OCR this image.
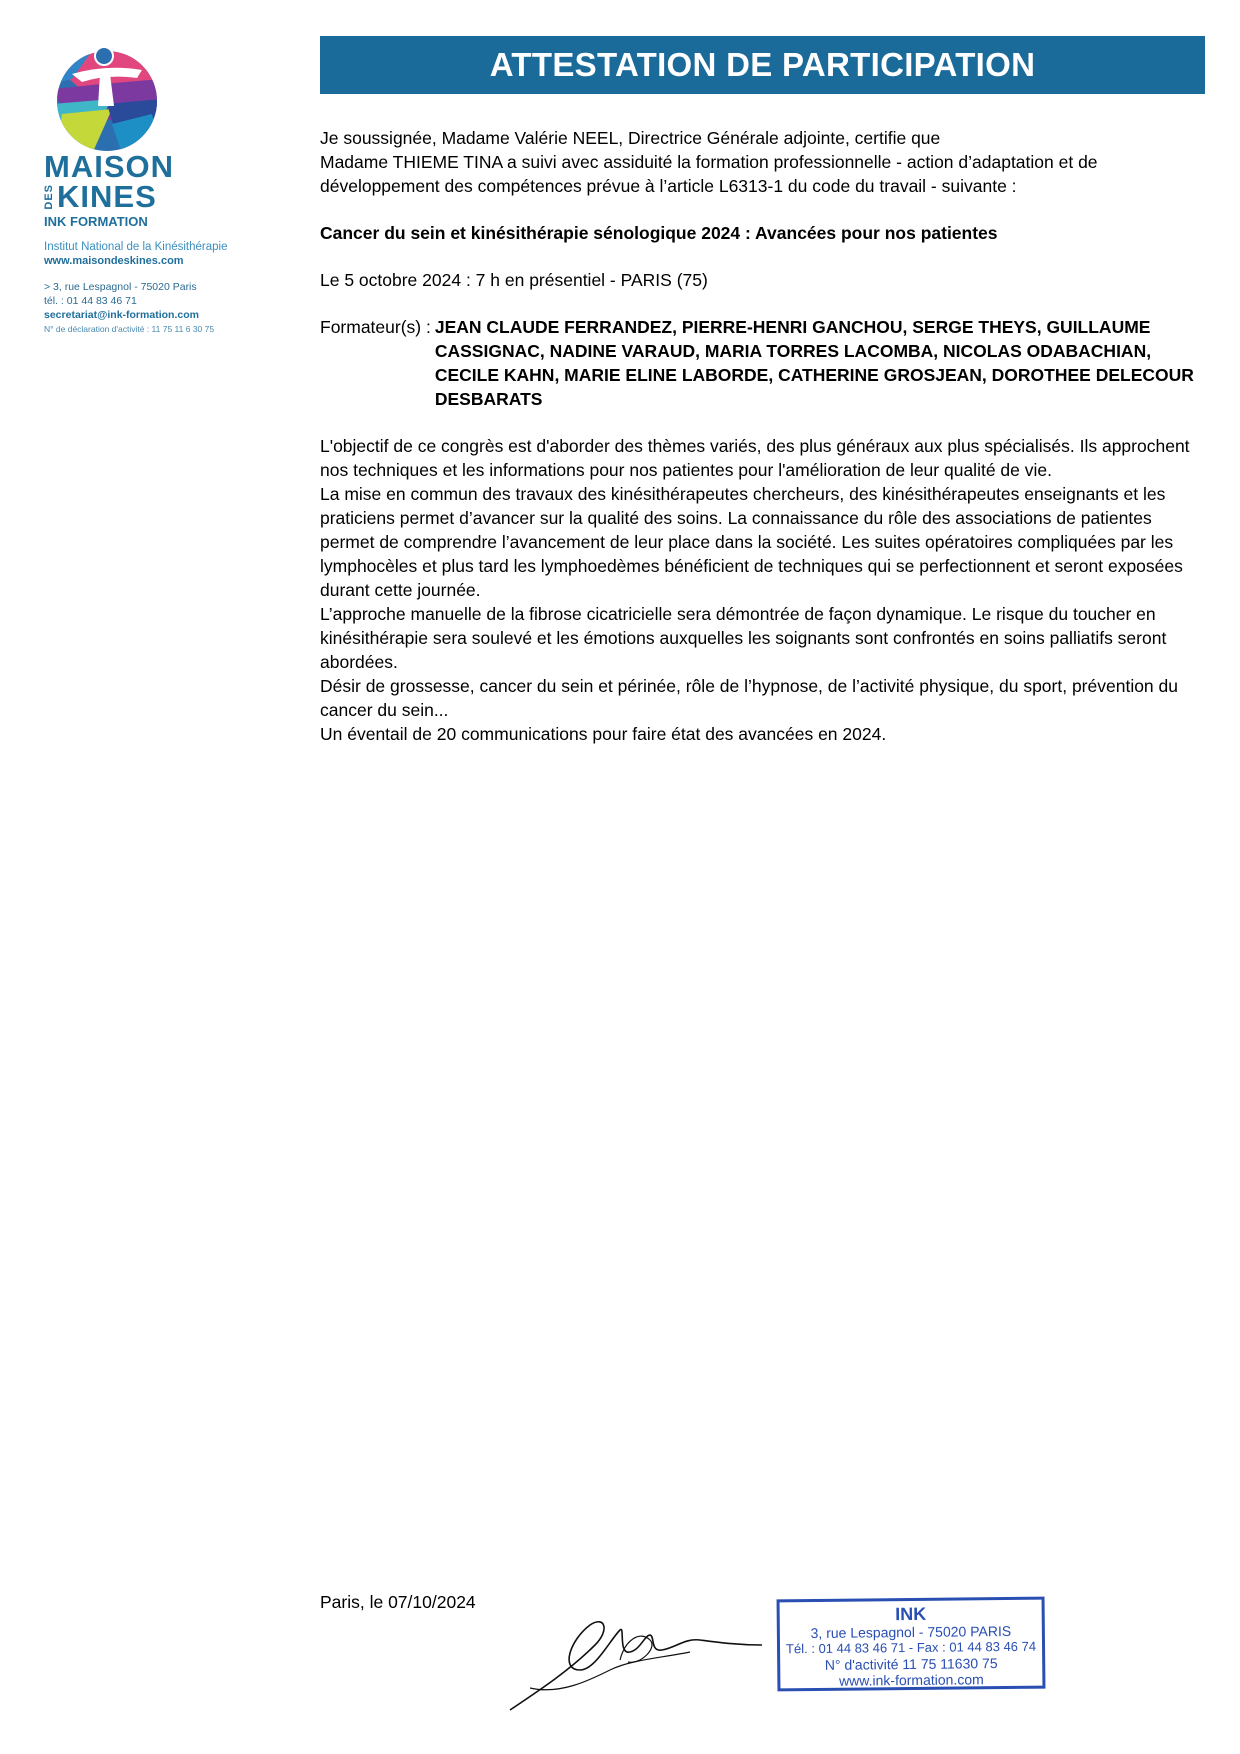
MAISON
DES KINES
INK FORMATION
Institut National de la Kinésithérapie
www.maisondeskines.com
> 3, rue Lespagnol - 75020 Paris
tél. : 01 44 83 46 71
secretariat@ink-formation.com
N° de déclaration d'activité : 11 75 11 6 30 75
ATTESTATION DE PARTICIPATION

Je soussignée, Madame Valérie NEEL, Directrice Générale adjointe, certifie que

Madame THIEME TINA a suivi avec assiduité la formation professionnelle - action d’adaptation et de développement des compétences prévue à l’article L6313-1 du code du travail - suivante :

Cancer du sein et kinésithérapie sénologique 2024 : Avancées pour nos patientes

Le 5 octobre 2024 : 7 h en présentiel - PARIS (75)

Formateur(s) : JEAN CLAUDE FERRANDEZ, PIERRE-HENRI GANCHOU, SERGE THEYS, GUILLAUME CASSIGNAC, NADINE VARAUD, MARIA TORRES LACOMBA, NICOLAS ODABACHIAN, CECILE KAHN, MARIE ELINE LABORDE, CATHERINE GROSJEAN, DOROTHEE DELECOUR DESBARATS

L'objectif de ce congrès est d'aborder des thèmes variés, des plus généraux aux plus spécialisés. Ils approchent nos techniques et les informations pour nos patientes pour l'amélioration de leur qualité de vie.

La mise en commun des travaux des kinésithérapeutes chercheurs, des kinésithérapeutes enseignants et les praticiens permet d’avancer sur la qualité des soins. La connaissance du rôle des associations de patientes permet de comprendre l’avancement de leur place dans la société. Les suites opératoires compliquées par les lymphocèles et plus tard les lymphoedèmes bénéficient de techniques qui se perfectionnent et seront exposées durant cette journée.

L’approche manuelle de la fibrose cicatricielle sera démontrée de façon dynamique. Le risque du toucher en kinésithérapie sera soulevé et les émotions auxquelles les soignants sont confrontés en soins palliatifs seront abordées.

Désir de grossesse, cancer du sein et périnée, rôle de l’hypnose, de l’activité physique, du sport, prévention du cancer du sein...

Un éventail de 20 communications pour faire état des avancées en 2024.

Paris, le 07/10/2024
INK
3, rue Lespagnol - 75020 PARIS
Tél. : 01 44 83 46 71 - Fax : 01 44 83 46 74
N° d'activité 11 75 11630 75
www.ink-formation.com
